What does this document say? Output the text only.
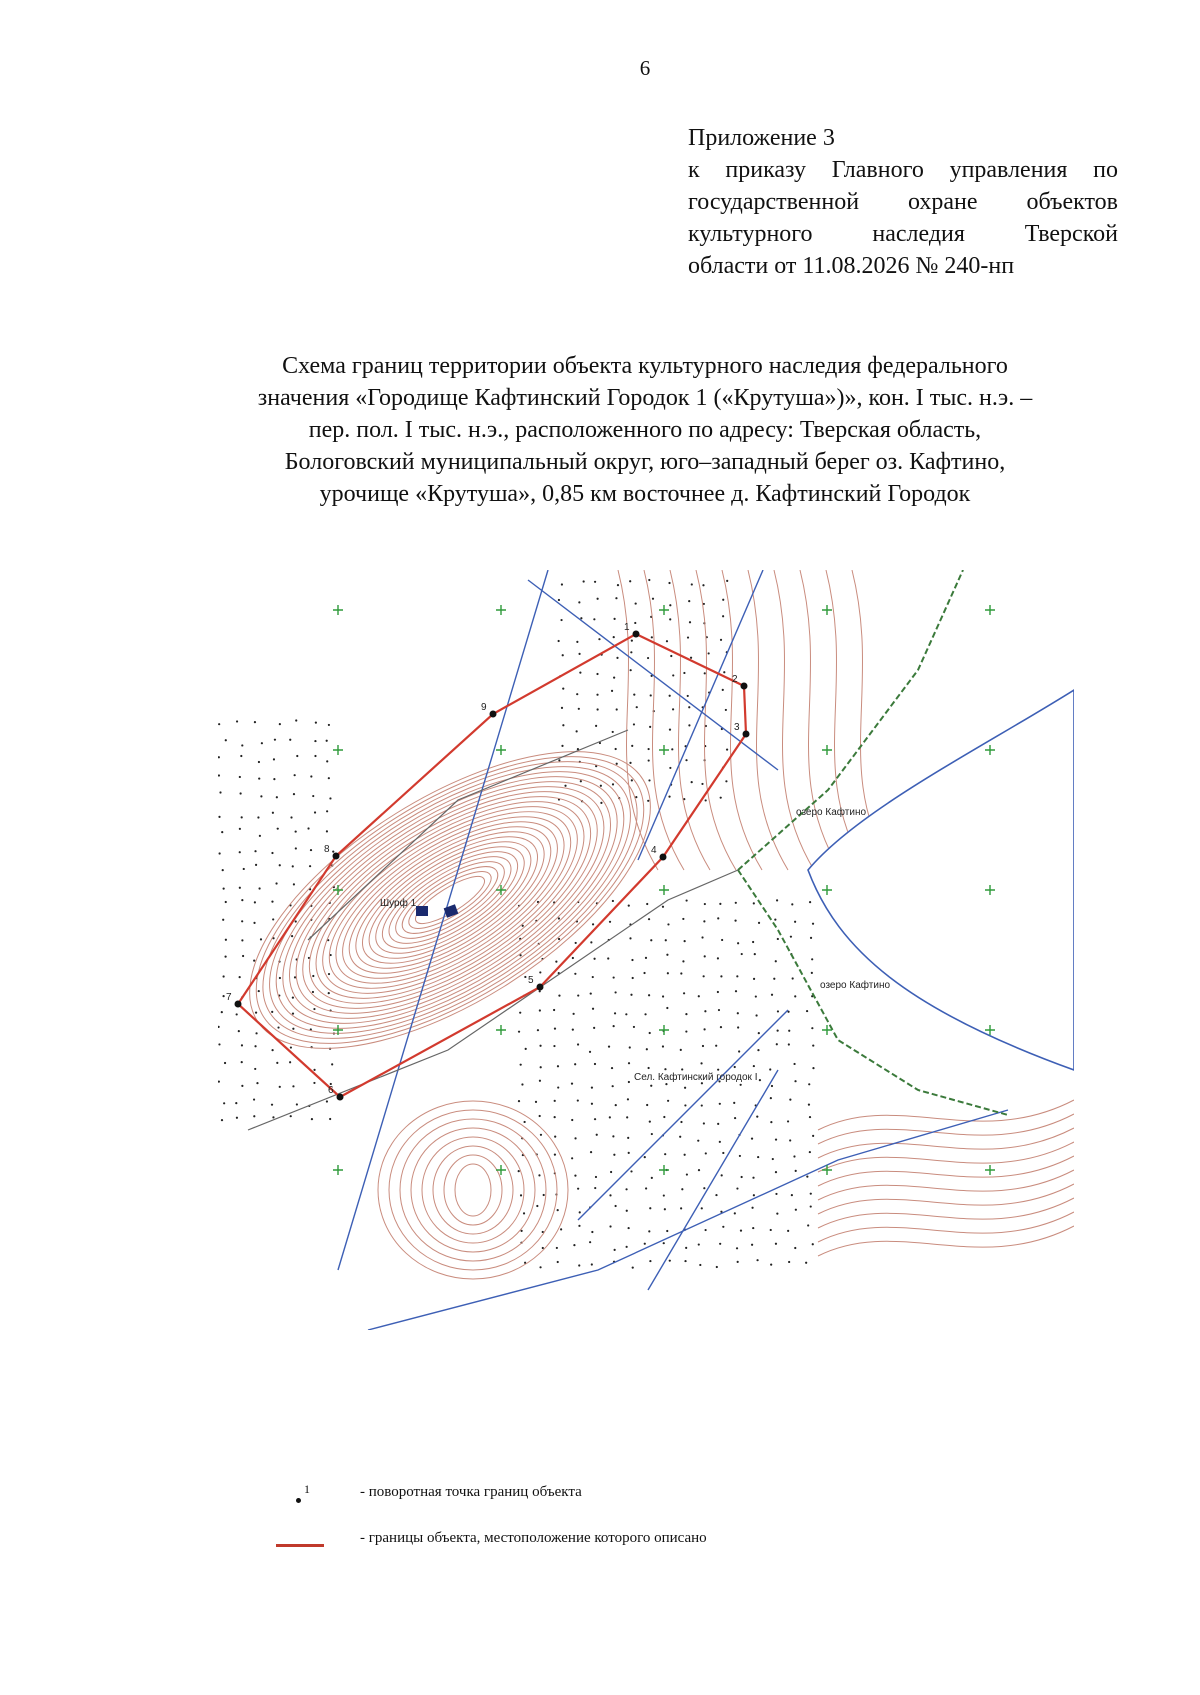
6
Приложение 3
к приказу Главного управления по
государственной охране объектов
культурного наследия Тверской
области от 11.08.2026 № 240-нп
Схема границ территории объекта культурного наследия федерального
значения «Городище Кафтинский Городок 1 («Крутуша»)», кон. I тыс. н.э. –
пер. пол. I тыс. н.э., расположенного по адресу: Тверская область,
Бологовский муниципальный округ, юго–западный берег оз. Кафтино,
урочище «Крутуша», 0,85 км восточнее д. Кафтинский Городок
1
2
3
4
5
6
7
8
9
озеро Кафтино
озеро Кафтино
Шурф 1
Сел. Кафтинский городок I
1	- поворотная точка границ объекта
- границы объекта, местоположение которого описано
